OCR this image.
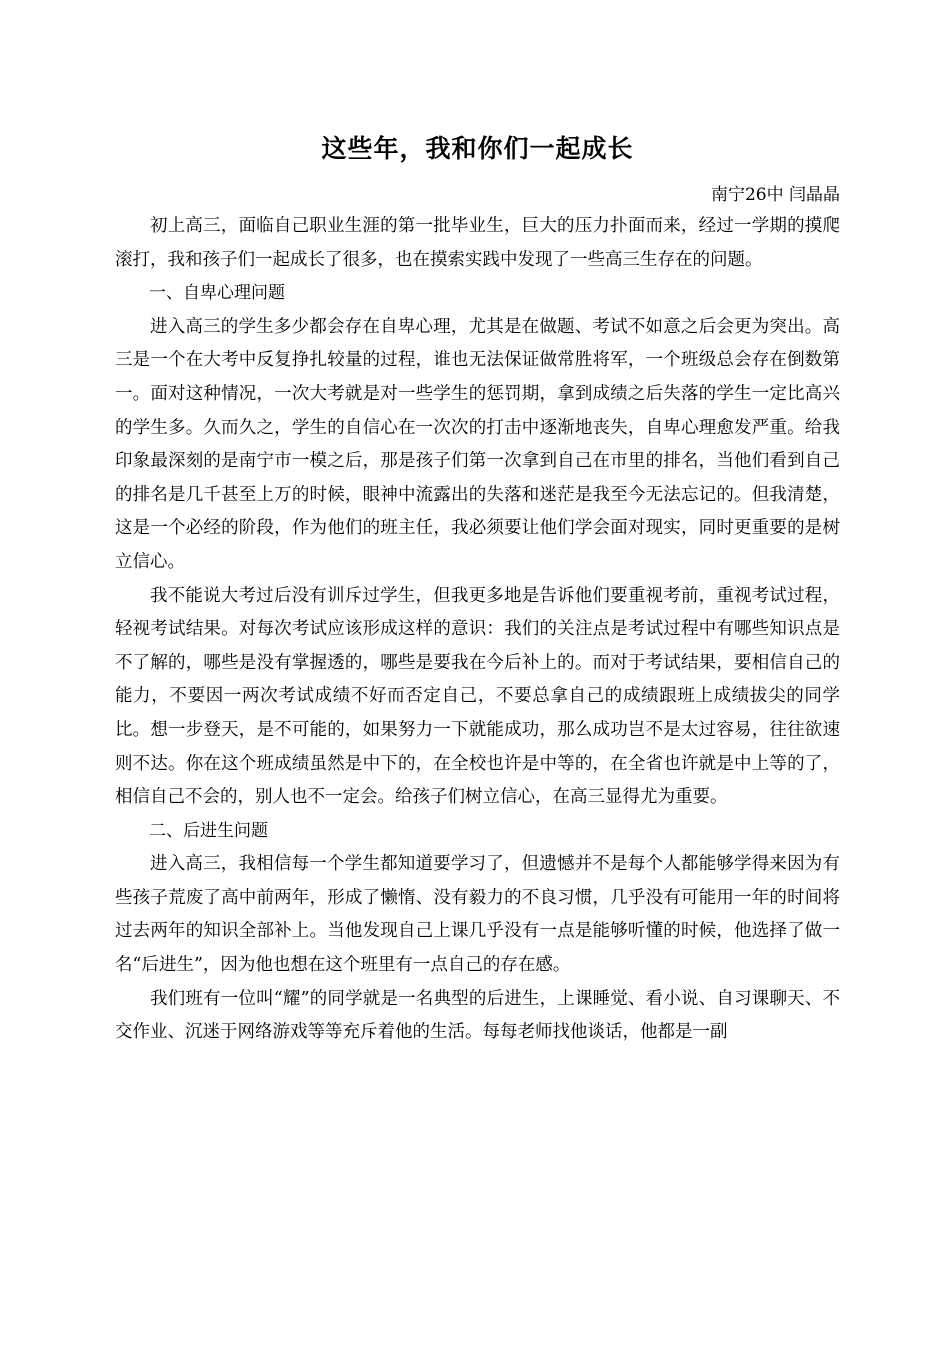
这些年，我和你们一起成长

南宁26中 闫晶晶

初上高三，面临自己职业生涯的第一批毕业生，巨大的压力扑面而来，经过一学期的摸爬滚打，我和孩子们一起成长了很多，也在摸索实践中发现了一些高三生存在的问题。

一、自卑心理问题

进入高三的学生多少都会存在自卑心理，尤其是在做题、考试不如意之后会更为突出。高三是一个在大考中反复挣扎较量的过程，谁也无法保证做常胜将军，一个班级总会存在倒数第一。面对这种情况，一次大考就是对一些学生的惩罚期，拿到成绩之后失落的学生一定比高兴的学生多。久而久之，学生的自信心在一次次的打击中逐渐地丧失，自卑心理愈发严重。给我印象最深刻的是南宁市一模之后，那是孩子们第一次拿到自己在市里的排名，当他们看到自己的排名是几千甚至上万的时候，眼神中流露出的失落和迷茫是我至今无法忘记的。但我清楚，这是一个必经的阶段，作为他们的班主任，我必须要让他们学会面对现实，同时更重要的是树立信心。

我不能说大考过后没有训斥过学生，但我更多地是告诉他们要重视考前，重视考试过程，轻视考试结果。对每次考试应该形成这样的意识：我们的关注点是考试过程中有哪些知识点是不了解的，哪些是没有掌握透的，哪些是要我在今后补上的。而对于考试结果，要相信自己的能力，不要因一两次考试成绩不好而否定自己，不要总拿自己的成绩跟班上成绩拔尖的同学比。想一步登天，是不可能的，如果努力一下就能成功，那么成功岂不是太过容易，往往欲速则不达。你在这个班成绩虽然是中下的，在全校也许是中等的，在全省也许就是中上等的了，相信自己不会的，别人也不一定会。给孩子们树立信心，在高三显得尤为重要。

二、后进生问题

进入高三，我相信每一个学生都知道要学习了，但遗憾并不是每个人都能够学得来因为有些孩子荒废了高中前两年，形成了懒惰、没有毅力的不良习惯，几乎没有可能用一年的时间将过去两年的知识全部补上。当他发现自己上课几乎没有一点是能够听懂的时候，他选择了做一名“后进生”，因为他也想在这个班里有一点自己的存在感。

我们班有一位叫“耀”的同学就是一名典型的后进生，上课睡觉、看小说、自习课聊天、不交作业、沉迷于网络游戏等等充斥着他的生活。每每老师找他谈话，他都是一副
